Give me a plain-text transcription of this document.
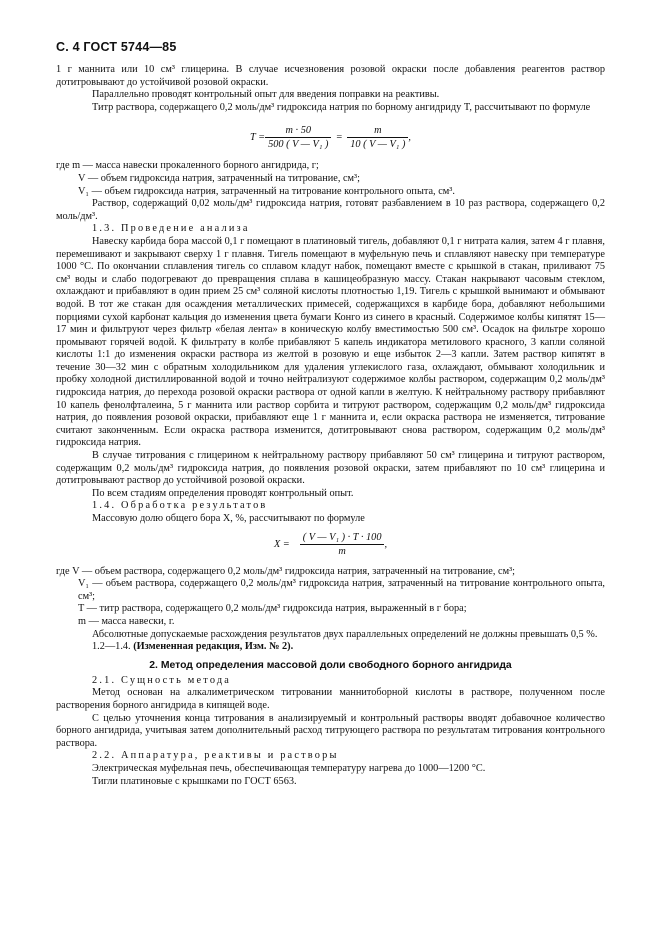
С. 4 ГОСТ 5744—85

1 г маннита или 10 см³ глицерина. В случае исчезновения розовой окраски после добавления реагентов раствор дотитровывают до устойчивой розовой окраски.

Параллельно проводят контрольный опыт для введения поправки на реактивы.

Титр раствора, содержащего 0,2 моль/дм³ гидроксида натрия по борному ангидриду T, рассчитывают по формуле

$T = \frac{m \cdot 50}{\text{500 ( V — V₁ )}} = \frac{m}{\text{10 ( V — V₁ )}}$ ,

где m — масса навески прокаленного борного ангидрида, г;

V — объем гидроксида натрия, затраченный на титрование, см³;

V₁ — объем гидроксида натрия, затраченный на титрование контрольного опыта, см³.

Раствор, содержащий 0,02 моль/дм³ гидроксида натрия, готовят разбавлением в 10 раз раствора, содержащего 0,2 моль/дм³.

1.3. Проведение анализа

Навеску карбида бора массой 0,1 г помещают в платиновый тигель, добавляют 0,1 г нитрата калия, затем 4 г плавня, перемешивают и закрывают сверху 1 г плавня. Тигель помещают в муфельную печь и сплавляют навеску при температуре 1000 °С. По окончании сплавления тигель со сплавом кладут набок, помещают вместе с крышкой в стакан, приливают 75 см³ воды и слабо подогревают до превращения сплава в кашицеобразную массу. Стакан накрывают часовым стеклом, охлаждают и прибавляют в один прием 25 см³ соляной кислоты плотностью 1,19. Тигель с крышкой вынимают и обмывают водой. В тот же стакан для осаждения металлических примесей, содержащихся в карбиде бора, добавляют небольшими порциями сухой карбонат кальция до изменения цвета бумаги Конго из синего в красный. Содержимое колбы кипятят 15—17 мин и фильтруют через фильтр «белая лента» в коническую колбу вместимостью 500 см³. Осадок на фильтре хорошо промывают горячей водой. К фильтрату в колбе прибавляют 5 капель индикатора метилового красного, 3 капли соляной кислоты 1:1 до изменения окраски раствора из желтой в розовую и еще избыток 2—3 капли. Затем раствор кипятят в течение 30—32 мин с обратным холодильником для удаления углекислого газа, охлаждают, обмывают холодильник и пробку холодной дистиллированной водой и точно нейтрализуют содержимое колбы раствором, содержащим 0,2 моль/дм³ гидроксида натрия, до перехода розовой окраски раствора от одной капли в желтую. К нейтральному раствору прибавляют 10 капель фенолфталеина, 5 г маннита или раствор сорбита и титруют раствором, содержащим 0,2 моль/дм³ гидроксида натрия, до появления розовой окраски, прибавляют еще 1 г маннита и, если окраска раствора не изменяется, титрование считают законченным. Если окраска раствора изменится, дотитровывают снова раствором, содержащим 0,2 моль/дм³ гидроксида натрия.

В случае титрования с глицерином к нейтральному раствору прибавляют 50 см³ глицерина и титруют раствором, содержащим 0,2 моль/дм³ гидроксида натрия, до появления розовой окраски, затем прибавляют по 10 см³ глицерина и дотитровывают раствор до устойчивой розовой окраски.

По всем стадиям определения проводят контрольный опыт.

1.4. Обработка результатов

Массовую долю общего бора X, %, рассчитывают по формуле

$X = \frac{\text{( V — V₁ ) · T · 100}}{m}$ ,

где V — объем раствора, содержащего 0,2 моль/дм³ гидроксида натрия, затраченный на титрование, см³;

V₁ — объем раствора, содержащего 0,2 моль/дм³ гидроксида натрия, затраченный на титрование контрольного опыта, см³;

T — титр раствора, содержащего 0,2 моль/дм³ гидроксида натрия, выраженный в г бора;

m — масса навески, г.

Абсолютные допускаемые расхождения результатов двух параллельных определений не должны превышать 0,5 %.

1.2—1.4. (Измененная редакция, Изм. № 2).

2. Метод определения массовой доли свободного борного ангидрида

2.1. Сущность метода

Метод основан на алкалиметрическом титровании маннитоборной кислоты в растворе, полученном после растворения борного ангидрида в кипящей воде.

С целью уточнения конца титрования в анализируемый и контрольный растворы вводят добавочное количество борного ангидрида, учитывая затем дополнительный расход титрующего раствора по результатам титрования контрольного раствора.

2.2. Аппаратура, реактивы и растворы

Электрическая муфельная печь, обеспечивающая температуру нагрева до 1000—1200 °С.

Тигли платиновые с крышками по ГОСТ 6563.
